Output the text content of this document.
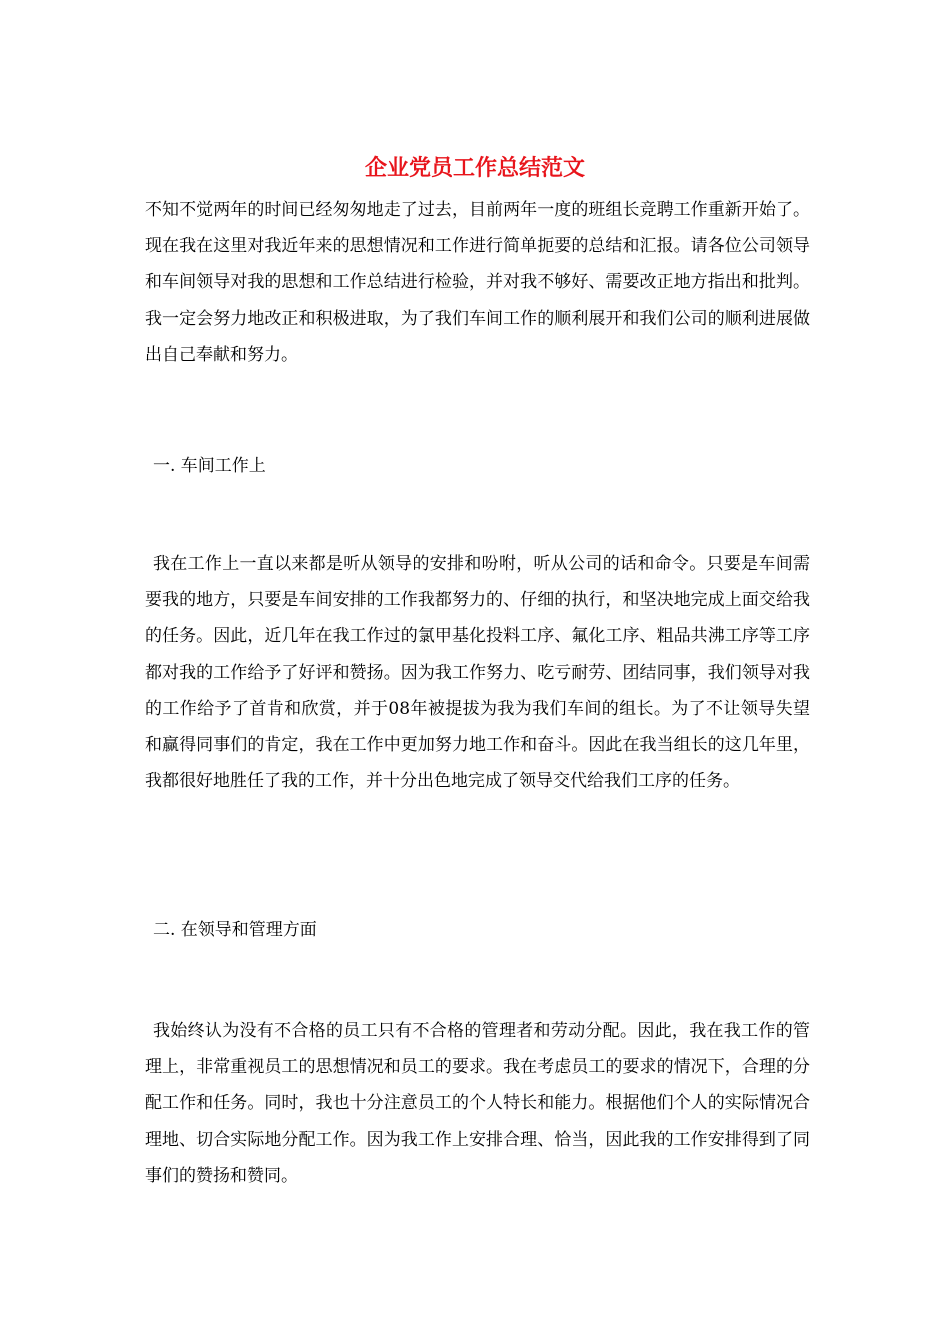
企业党员工作总结范文

不知不觉两年的时间已经匆匆地走了过去，目前两年一度的班组长竞聘工作重新开始了。现在我在这里对我近年来的思想情况和工作进行简单扼要的总结和汇报。请各位公司领导和车间领导对我的思想和工作总结进行检验，并对我不够好、需要改正地方指出和批判。我一定会努力地改正和积极进取，为了我们车间工作的顺利展开和我们公司的顺利进展做出自己奉献和努力。

一. 车间工作上

我在工作上一直以来都是听从领导的安排和吩咐，听从公司的话和命令。只要是车间需要我的地方，只要是车间安排的工作我都努力的、仔细的执行，和坚决地完成上面交给我的任务。因此，近几年在我工作过的氯甲基化投料工序、氟化工序、粗品共沸工序等工序都对我的工作给予了好评和赞扬。因为我工作努力、吃亏耐劳、团结同事，我们领导对我的工作给予了首肯和欣赏，并于08年被提拔为我为我们车间的组长。为了不让领导失望和赢得同事们的肯定，我在工作中更加努力地工作和奋斗。因此在我当组长的这几年里，我都很好地胜任了我的工作，并十分出色地完成了领导交代给我们工序的任务。

二. 在领导和管理方面

我始终认为没有不合格的员工只有不合格的管理者和劳动分配。因此，我在我工作的管理上，非常重视员工的思想情况和员工的要求。我在考虑员工的要求的情况下，合理的分配工作和任务。同时，我也十分注意员工的个人特长和能力。根据他们个人的实际情况合理地、切合实际地分配工作。因为我工作上安排合理、恰当，因此我的工作安排得到了同事们的赞扬和赞同。
